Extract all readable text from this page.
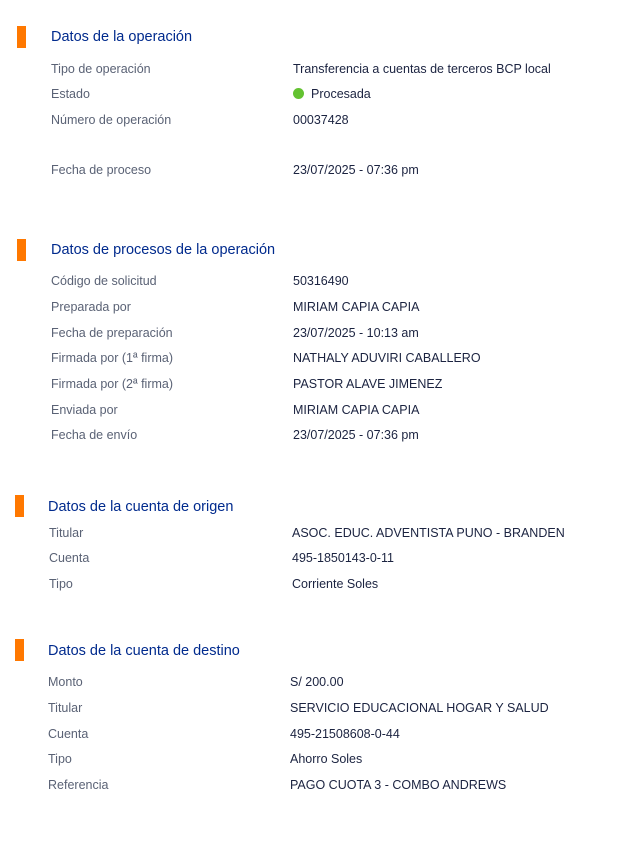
Datos de la operación
Tipo de operación	Transferencia a cuentas de terceros BCP local
Estado	Procesada
Número de operación	00037428
Fecha de proceso	23/07/2025 - 07:36 pm
Datos de procesos de la operación
Código de solicitud	50316490
Preparada por	MIRIAM CAPIA CAPIA
Fecha de preparación	23/07/2025 - 10:13 am
Firmada por (1ª firma)	NATHALY ADUVIRI CABALLERO
Firmada por (2ª firma)	PASTOR ALAVE JIMENEZ
Enviada por	MIRIAM CAPIA CAPIA
Fecha de envío	23/07/2025 - 07:36 pm
Datos de la cuenta de origen
Titular	ASOC. EDUC. ADVENTISTA PUNO - BRANDEN
Cuenta	495-1850143-0-11
Tipo	Corriente Soles
Datos de la cuenta de destino
Monto	S/ 200.00
Titular	SERVICIO EDUCACIONAL HOGAR Y SALUD
Cuenta	495-21508608-0-44
Tipo	Ahorro Soles
Referencia	PAGO CUOTA 3 - COMBO ANDREWS
